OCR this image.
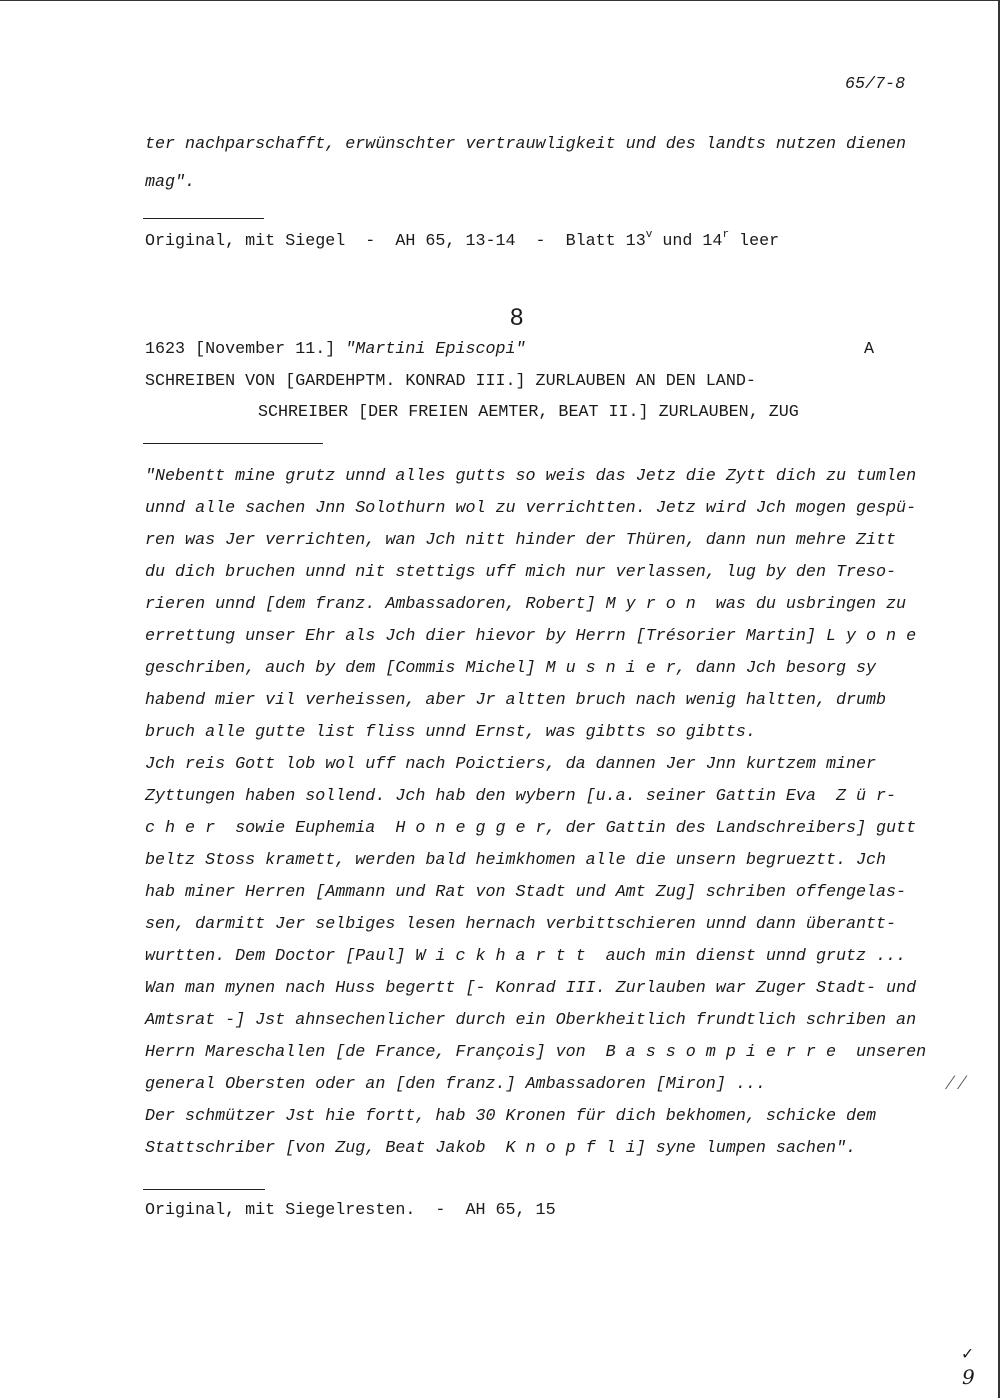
65/7-8
ter nachparschafft, erwünschter vertrauwligkeit und des landts nutzen dienen
mag".
Original, mit Siegel  -  AH 65, 13-14  -  Blatt 13$^v$ und 14$^r$ leer
8
1623 [November 11.] "Martini Episcopi"	A
SCHREIBEN VON [GARDEHPTM. KONRAD III.] ZURLAUBEN AN DEN LAND-
SCHREIBER [DER FREIEN AEMTER, BEAT II.] ZURLAUBEN, ZUG
"Nebentt mine grutz unnd alles gutts so weis das Jetz die Zytt dich zu tumlen
unnd alle sachen Jnn Solothurn wol zu verrichtten. Jetz wird Jch mogen gespü-
ren was Jer verrichten, wan Jch nitt hinder der Thüren, dann nun mehre Zitt
du dich bruchen unnd nit stettigs uff mich nur verlassen, lug by den Treso-
rieren unnd [dem franz. Ambassadoren, Robert] M y r o n  was du usbringen zu
errettung unser Ehr als Jch dier hievor by Herrn [Trésorier Martin] L y o n e
geschriben, auch by dem [Commis Michel] M u s n i e r, dann Jch besorg sy
habend mier vil verheissen, aber Jr altten bruch nach wenig haltten, drumb
bruch alle gutte list fliss unnd Ernst, was gibtts so gibtts.
Jch reis Gott lob wol uff nach Poictiers, da dannen Jer Jnn kurtzem miner
Zyttungen haben sollend. Jch hab den wybern [u.a. seiner Gattin Eva  Z ü r-
c h e r  sowie Euphemia  H o n e g g e r, der Gattin des Landschreibers] gutt
beltz Stoss kramett, werden bald heimkhomen alle die unsern begrueztt. Jch
hab miner Herren [Ammann und Rat von Stadt und Amt Zug] schriben offengelas-
sen, darmitt Jer selbiges lesen hernach verbittschieren unnd dann überantt-
wurtten. Dem Doctor [Paul] W i c k h a r t t  auch min dienst unnd grutz ...
Wan man mynen nach Huss begertt [- Konrad III. Zurlauben war Zuger Stadt- und
Amtsrat -] Jst ahnsechenlicher durch ein Oberkheitlich frundtlich schriben an
Herrn Mareschallen [de France, François] von  B a s s o m p i e r r e  unseren
general Obersten oder an [den franz.] Ambassadoren [Miron] ...
Der schmützer Jst hie fortt, hab 30 Kronen für dich bekhomen, schicke dem
Stattschriber [von Zug, Beat Jakob  K n o p f l i] syne lumpen sachen".
Original, mit Siegelresten.  -  AH 65, 15
⁄⁄
✓
9
